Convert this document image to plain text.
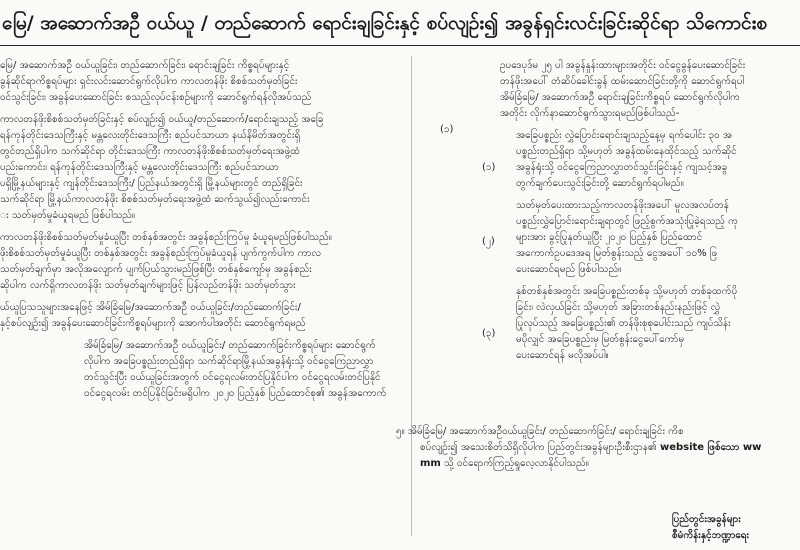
မြေ/ အဆောက်အဦ ဝယ်ယူ / တည်ဆောက် ရောင်းချခြင်းနှင့် စပ်လျဉ်း၍ အခွန်ရှင်းလင်းခြင်းဆိုင်ရာ သိကောင်းစ
မြေ/ အဆောက်အဦ ဝယ်ယူခြင်း၊ တည်ဆောက်ခြင်း၊ ရောင်းချခြင်း ကိစ္စရပ်များနှင့်
ခွန်ဆိုင်ရာကိစ္စရပ်များ ရှင်းလင်းဆောင်ရွက်လိုပါက ကာလတန်ဖိုး စိစစ်သတ်မှတ်ခြင်း
ဝင်သွင်းခြင်း၊ အခွန်ပေးဆောင်ခြင်း စသည့်လုပ်ငန်းစဉ်များကို ဆောင်ရွက်ရန်လိုအပ်သည်
ကာလတန်ဖိုးစိစစ်သတ်မှတ်ခြင်းနှင့် စပ်လျဉ်း၍ ဝယ်ယူ/တည်ဆောက်/ရောင်းချသည့် အခြေ
ရန်ကုန်တိုင်းဒေသကြီးနှင့် မန္တလေးတိုင်းဒေသကြီး စည်ပင်သာယာ နယ်နိမိတ်အတွင်းရှိ
တွင်တည်ရှိပါက သက်ဆိုင်ရာ တိုင်းဒေသကြီး ကာလတန်ဖိုးစိစစ်သတ်မှတ်ရေးအဖွဲ့ထံ
ပည်းကောင်း၊ ရန်ကုန်တိုင်းဒေသကြီးနှင့် မန္တလေးတိုင်းဒေသကြီး စည်ပင်သာယာ
ပရှိမြို့နယ်များနှင့် ကျန်တိုင်းဒေသကြီး/ ပြည်နယ်အတွင်းရှိ မြို့နယ်များတွင် တည်ရှိခြင်း
သက်ဆိုင်ရာ မြို့နယ်ကာလတန်ဖိုး စိစစ်သတ်မှတ်ရေးအဖွဲ့ထံ ဆက်သွယ်၍လည်းကောင်း
း သတ်မှတ်မှုခံယူရမည် ဖြစ်ပါသည်။
ကာလတန်ဖိုးစိစစ်သတ်မှတ်မှုခံယူပြီး တစ်နှစ်အတွင်း အခွန်စည်းကြပ်မှု ခံယူရမည်ဖြစ်ပါသည်။
ဖိုးစိစစ်သတ်မှတ်မှုခံယူပြီး တစ်နှစ်အတွင်း အခွန်စည်းကြပ်မှုခံယူရန် ပျက်ကွက်ပါက ကာလ
သတ်မှတ်ချက်မှာ အလိုအလျောက် ပျက်ပြယ်သွားမည်ဖြစ်ပြီး တစ်နှစ်ကျော်မှ အခွန်စည်း
ဆိုပါက လက်ရှိကာလတန်ဖိုး သတ်မှတ်ချက်များဖြင့် ပြန်လည်တန်ဖိုး သတ်မှတ်သွား
ယ်ယူပြသသူများအနေဖြင့် အိမ်ခြံမြေ/အဆောက်အဦ ဝယ်ယူခြင်း/တည်ဆောက်ခြင်း/
နှင့်စပ်လျဉ်း၍ အခွန်ပေးဆောင်ခြင်းကိစ္စရပ်များကို အောက်ပါအတိုင်း ဆောင်ရွက်ရမည်
အိမ်ခြံမြေ/ အဆောက်အဦ ဝယ်ယူခြင်း/ တည်ဆောက်ခြင်းကိစ္စရပ်များ ဆောင်ရွက်
လိုပါက အခြေပစ္စည်းတည်ရှိရာ သက်ဆိုင်ရာမြို့နယ်အခွန်ရုံးသို့ ဝင်ငွေ‌ကြေညာလွှာ
တင်သွင်းပြီး ဝယ်ယူခြင်းအတွက် ဝင်ငွေရလမ်းတင်ပြနိုင်ပါက ဝင်ငွေရလမ်းတင်ပြနိုင်
ဝင်ငွေရလမ်း တင်ပြနိုင်ခြင်းမရှိပါက ၂၀၂၀ ပြည့်နှစ် ပြည်ထောင်စု၏ အခွန်အကောက်
ဥပဒေပုဒ်မ ၂၅ ပါ အခွန်နှုန်းထားများအတိုင်း ဝင်ငွေခွန်ပေးဆောင်ခြင်း
တန်ဖိုးအပေါ် တံဆိပ်ခေါင်းခွန် ထမ်းဆောင်ခြင်းတို့ကို ဆောင်ရွက်ရပါ
အိမ်ခြံမြေ/ အဆောက်အဦ ရောင်းချခြင်းကိစ္စရပ် ဆောင်ရွက်လိုပါက
အတိုင်း လိုက်နာဆောင်ရွက်သွားရမည်ဖြစ်ပါသည်-
အခြေပစ္စည်း လွှဲပြောင်းရောင်းချသည့်နေ့မှ ရက်ပေါင်း ၃၀ အ
ပစ္စည်းတည်ရှိရာ သို့မဟုတ် အခွန်ထမ်းနေထိုင်သည့် သက်ဆိုင်
အခွန်ရုံးသို့ ဝင်ငွေကြေညာလွှာတင်သွင်းခြင်းနှင့် ကျသင့်အခွ
တွက်ချက်ပေးသွင်းခြင်းတို့ ဆောင်ရွက်ရပါမည်။
သတ်မှတ်ပေးထားသည့်ကာလတန်ဖိုးအပေါ် မူလအလပ်တန်
ပစ္စည်းလွှဲပြောင်းရောင်းချရာတွင် ဖြည့်စွက်အသုံးပြုခဲ့ရသည့် ကု
များအား ခွင့်ပြုနုတ်ယူပြီး ၂၀၂၀ ပြည့်နှစ် ပြည်ထောင်
အကောက်ဥပဒေအရ မြတ်စွန်းသည့် ငွေအပေါ် ၁၀% ဖြ
ပေးဆောင်ရမည် ဖြစ်ပါသည်။
နှစ်တစ်နှစ်အတွင်း အခြေပစ္စည်းတစ်ခု သို့မဟုတ် တစ်ခုထက်ပို
ခြင်း၊ လဲလှယ်ခြင်း သို့မဟုတ် အခြားတစ်နည်းနည်းဖြင့် လွှဲ
ပြုလုပ်သည့် အခြေပစ္စည်း၏ တန်ဖိုးစုစုပေါင်းသည် ကျပ်သိန်း
မပိုလျှင် အခြေပစ္စည်းမှ မြတ်စွန်းငွေပေါ်ကော်မှ
ပေးဆောင်ရန် မလိုအပ်ပါ။
၅။ အိမ်ခြံမြေ/ အဆောက်အဦဝယ်ယူခြင်း/ တည်ဆောက်ခြင်း/ ရောင်းချခြင်း ကိစ
စပ်လျဉ်း၍ အသေးစိတ်သိရှိလိုပါက ပြည်တွင်းအခွန်များဦးစီးဌာန၏ website ဖြစ်သော ww
mm သို့ ဝင်ရောက်ကြည့်ရှုလေ့လာနိုင်ပါသည်။
(၁)
(၁)
(၂)
(၃)
ပြည်တွင်းအခွန်များ
စီမံကိန်းနှင့်ဘဏ္ဍာရေး
